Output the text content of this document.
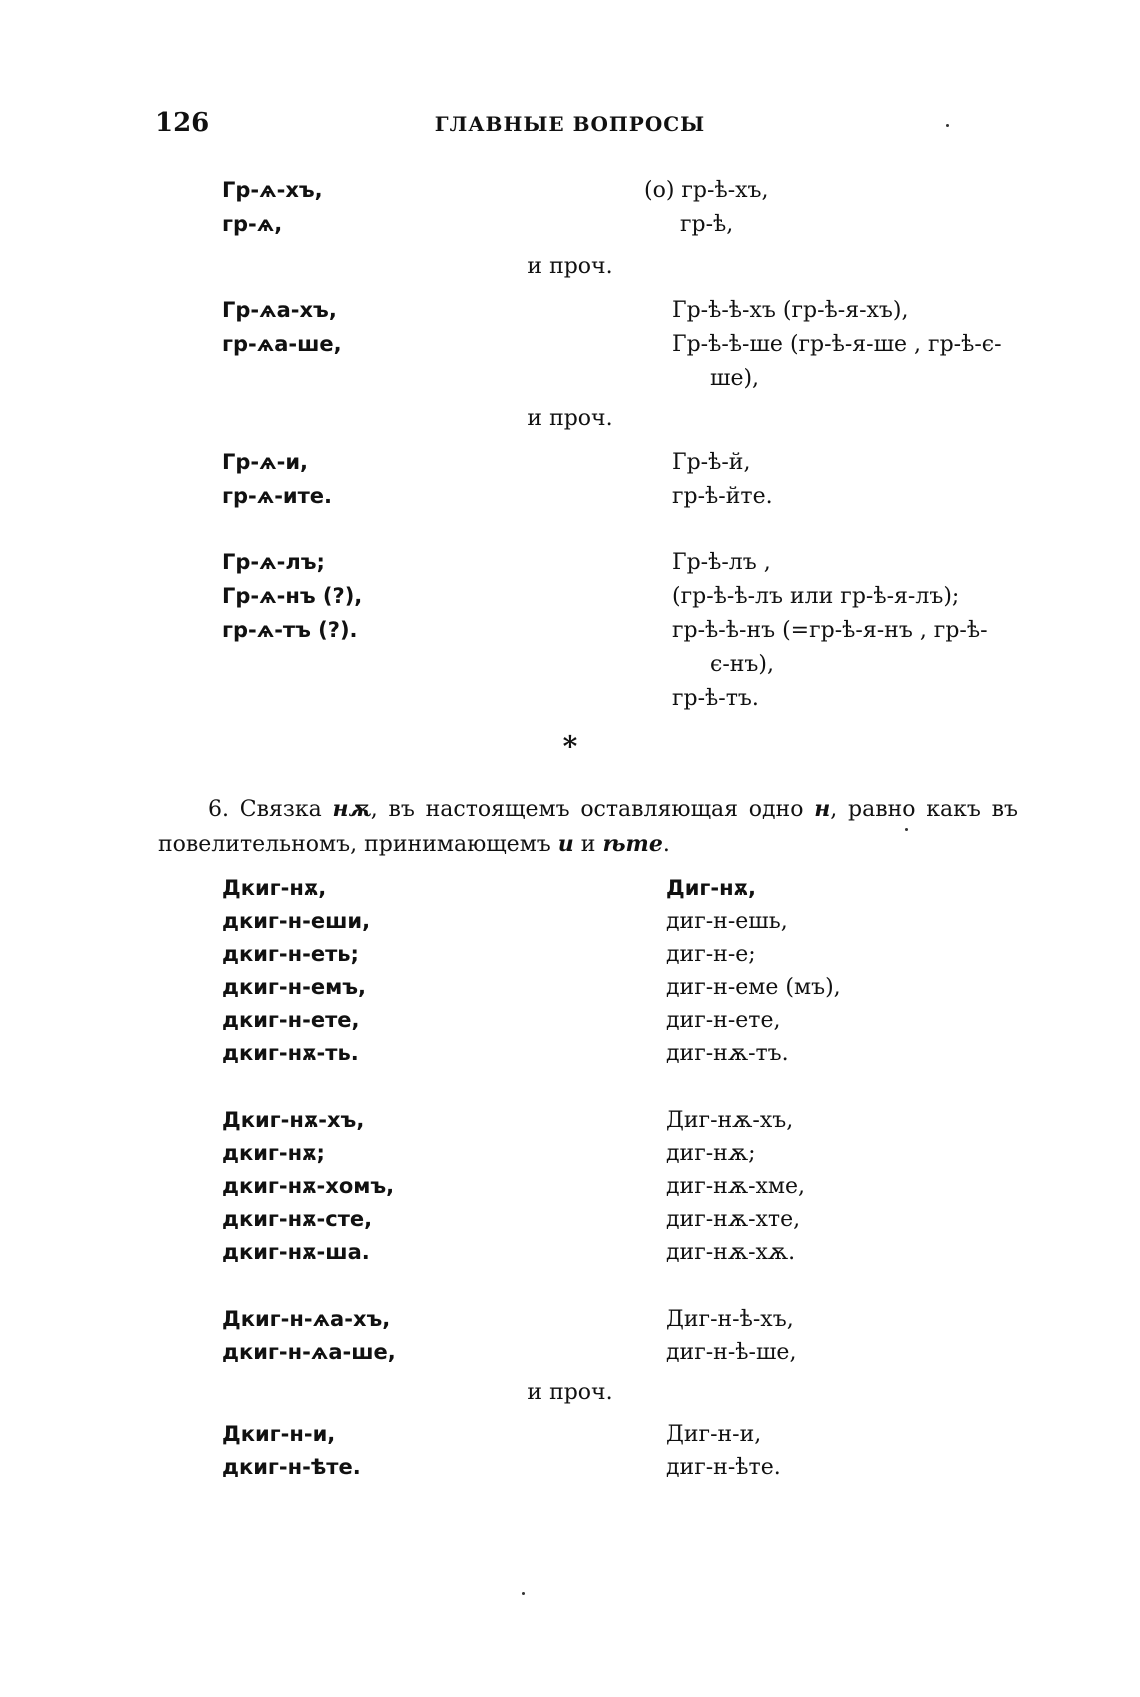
126	ГЛАВНЫЕ ВОПРОСЫ
Гр-ѧ-хъ,	(о) гр-ѣ-хъ,
гр-ѧ,	гр-ѣ,
и проч.
Гр-ѧа-хъ,	Гр-ѣ-ѣ-хъ (гр-ѣ-я-хъ),
гр-ѧа-ше,	Гр-ѣ-ѣ-ше (гр-ѣ-я-ше , гр-ѣ-є-
ше),
и проч.
Гр-ѧ-и,	Гр-ѣ-й,
гр-ѧ-ите.	гр-ѣ-йте.
Гр-ѧ-лъ;	Гр-ѣ-лъ ,
Гр-ѧ-нъ (?),	(гр-ѣ-ѣ-лъ или гр-ѣ-я-лъ);
гр-ѧ-тъ (?).	гр-ѣ-ѣ-нъ (=гр-ѣ-я-нъ , гр-ѣ-
є-нъ),
гр-ѣ-тъ.
*
6. Связка нѫ, въ настоящемъ оставляющая одно н, равно какъ въ повелительномъ, принимающемъ и и ѣте.
Дкиг-нѫ,	Диг-нѫ,
дкиг-н-еши,	диг-н-ешь,
дкиг-н-еть;	диг-н-е;
дкиг-н-емъ,	диг-н-еме (мъ),
дкиг-н-ете,	диг-н-ете,
дкиг-нѫ-ть.	диг-нѫ-тъ.
Дкиг-нѫ-хъ,	Диг-нѫ-хъ,
дкиг-нѫ;	диг-нѫ;
дкиг-нѫ-хомъ,	диг-нѫ-хме,
дкиг-нѫ-сте,	диг-нѫ-хте,
дкиг-нѫ-ша.	диг-нѫ-хѫ.
Дкиг-н-ѧа-хъ,	Диг-н-ѣ-хъ,
дкиг-н-ѧа-ше,	диг-н-ѣ-ше,
и проч.
Дкиг-н-и,	Диг-н-и,
дкиг-н-ѣте.	диг-н-ѣте.
